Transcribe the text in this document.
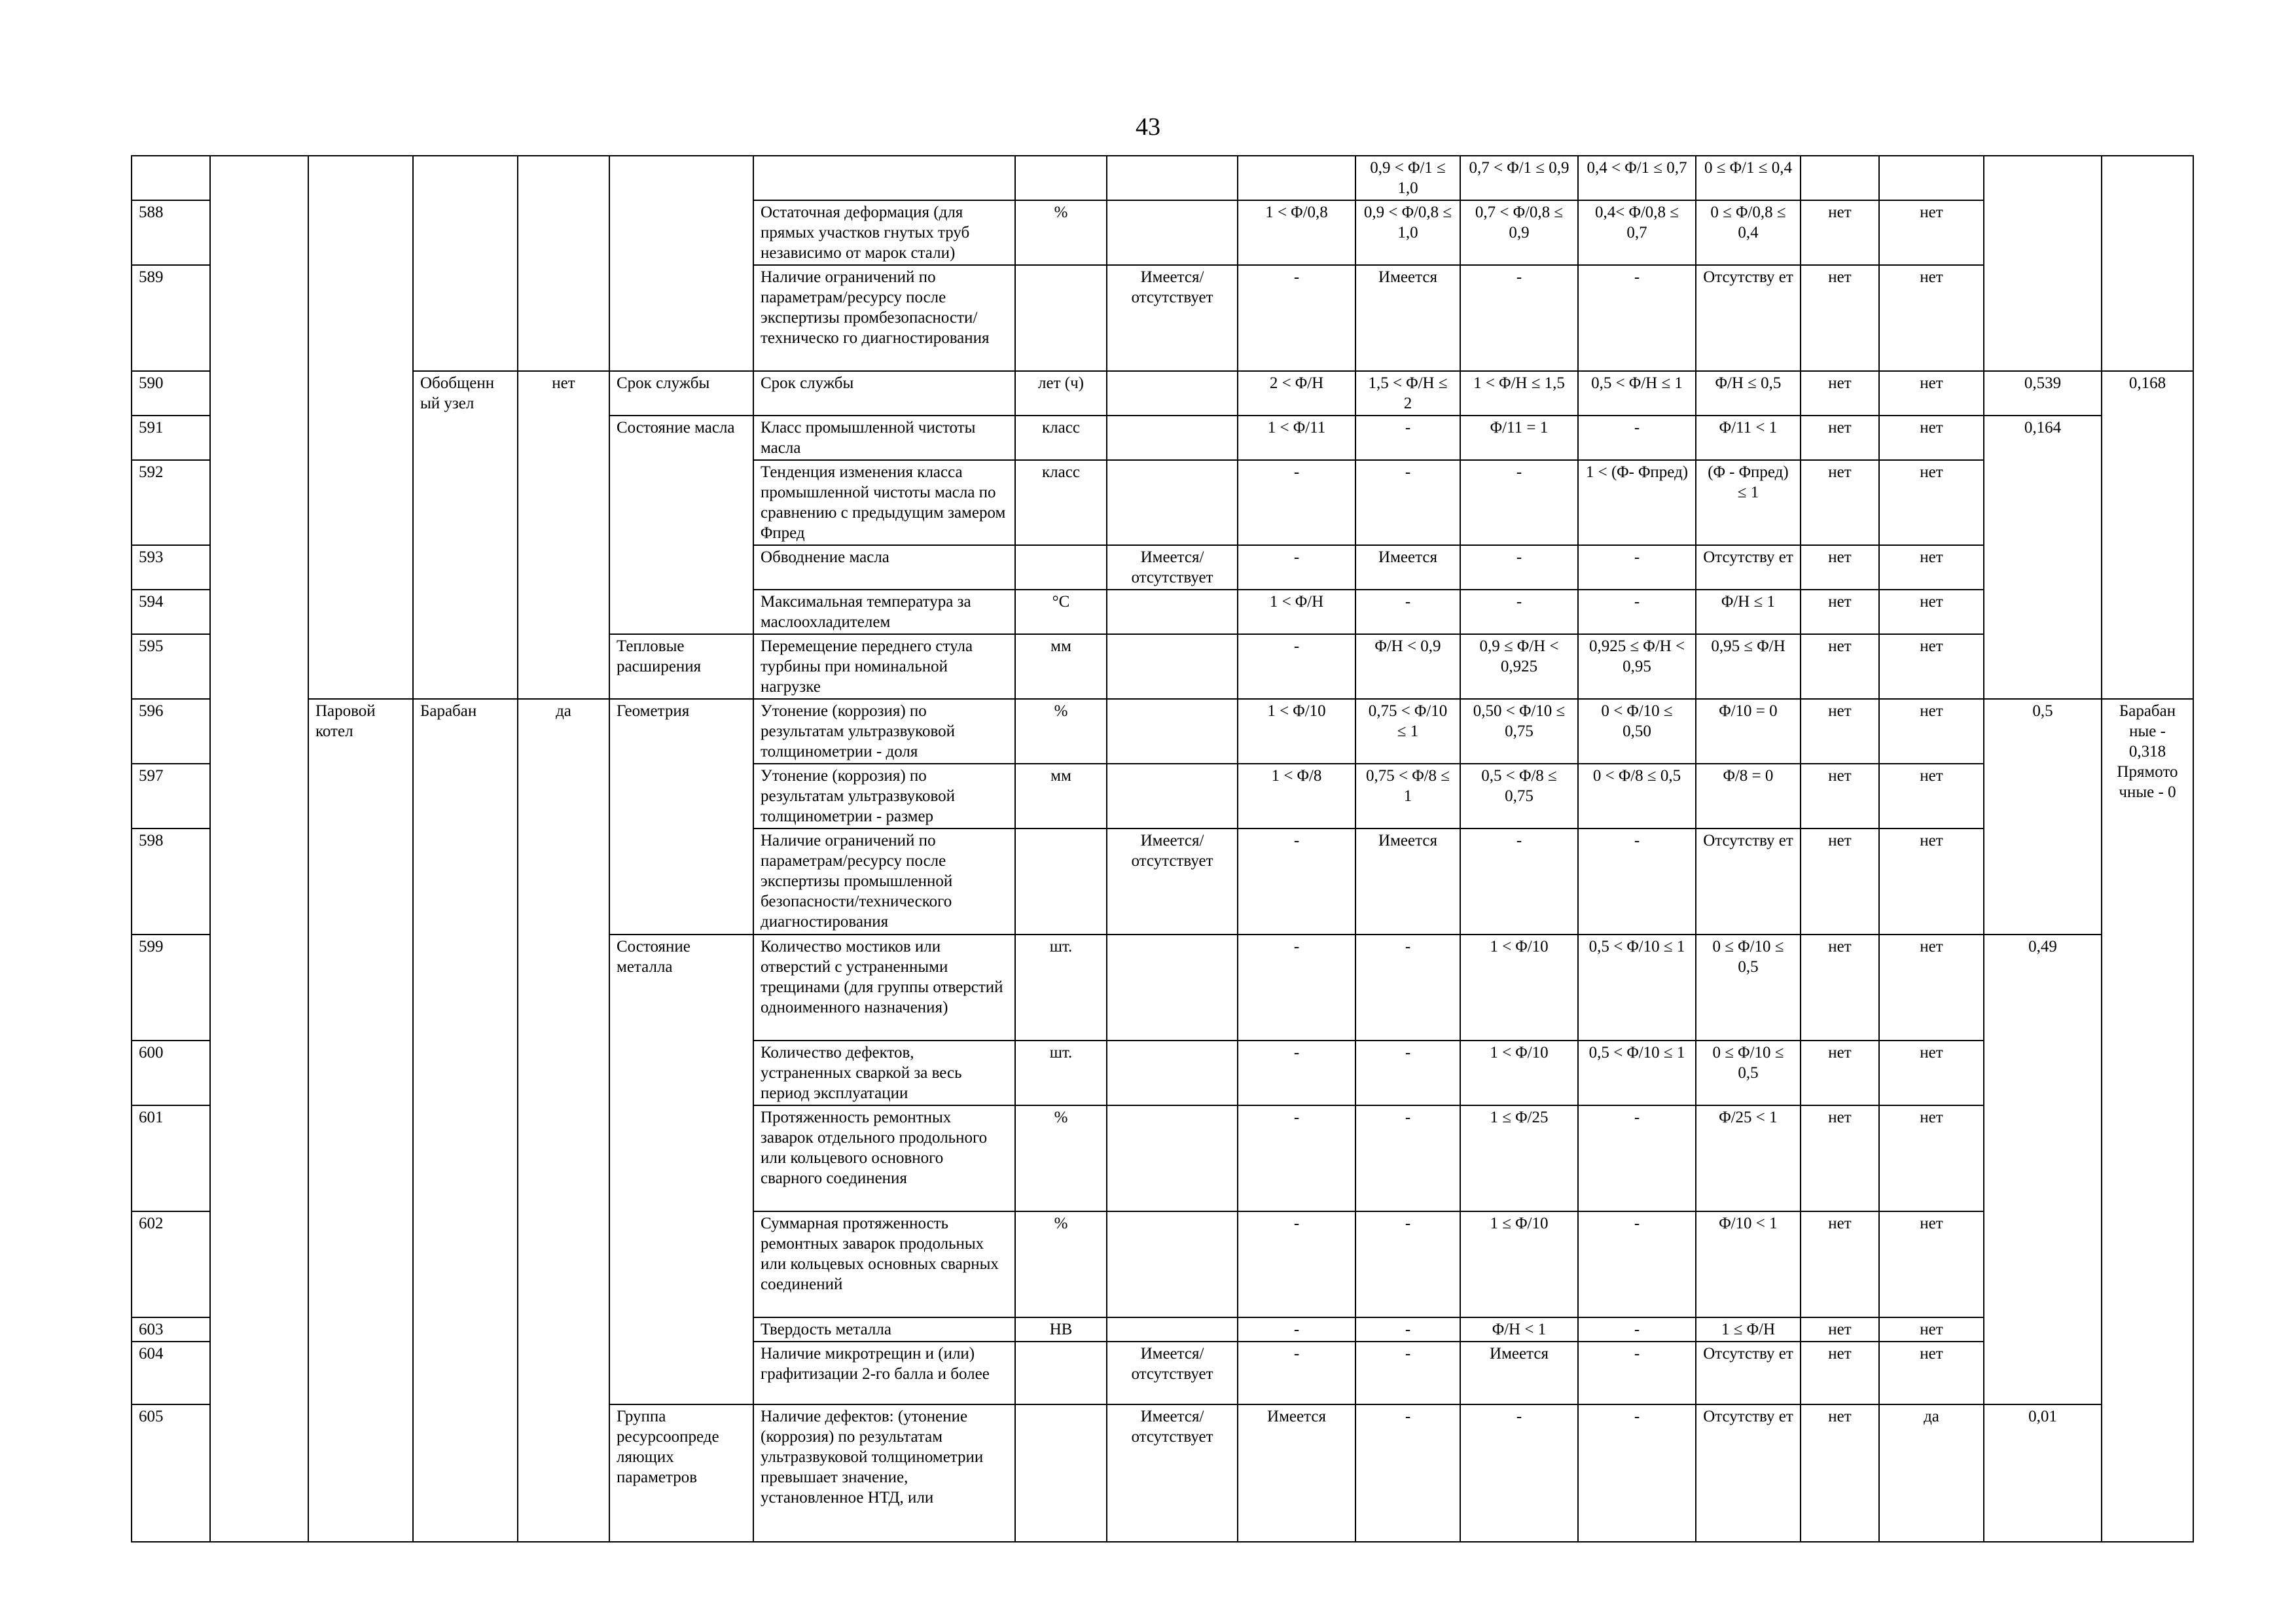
43
										0,9 < Φ/1 ≤ 1,0	0,7 < Φ/1 ≤ 0,9	0,4 < Φ/1 ≤ 0,7	0 ≤ Φ/1 ≤ 0,4				
588						Остаточная деформация (для прямых участков гнутых труб независимо от марок стали)	%		1 < Φ/0,8	0,9 < Φ/0,8 ≤ 1,0	0,7 < Φ/0,8 ≤ 0,9	0,4< Φ/0,8 ≤ 0,7	0 ≤ Φ/0,8 ≤ 0,4	нет	нет		
589						Наличие ограничений по параметрам/ресурсу после экспертизы промбезопасности/техническо го диагностирования		Имеется/ отсутствует	-	Имеется	-	-	Отсутству ет	нет	нет		
590			Обобщенн ый узел	нет	Срок службы	Срок службы	лет (ч)		2 < Φ/Н	1,5 < Φ/Н ≤ 2	1 < Φ/Н ≤ 1,5	0,5 < Φ/Н ≤ 1	Φ/Н ≤ 0,5	нет	нет	0,539	0,168
591					Состояние масла	Класс промышленной чистоты масла	класс		1 < Φ/11	-	Φ/11 = 1	-	Φ/11 < 1	нет	нет	0,164	
592						Тенденция изменения класса промышленной чистоты масла по сравнению с предыдущим замером Φпред	класс		-	-	-	1 < (Φ- Φпред)	(Φ - Φпред) ≤ 1	нет	нет		
593						Обводнение масла		Имеется/ отсутствует	-	Имеется	-	-	Отсутству ет	нет	нет		
594						Максимальная температура за маслоохладителем	°C		1 < Φ/Н	-	-	-	Φ/Н ≤ 1	нет	нет		
595					Тепловые расширения	Перемещение переднего стула турбины при номинальной нагрузке	мм		-	Φ/Н < 0,9	0,9 ≤ Φ/Н < 0,925	0,925 ≤ Φ/Н < 0,95	0,95 ≤ Φ/Н	нет	нет		
596		Паровой котел	Барабан	да	Геометрия	Утонение (коррозия) по результатам ультразвуковой толщинометрии - доля	%		1 < Φ/10	0,75 < Φ/10 ≤ 1	0,50 < Φ/10 ≤ 0,75	0 < Φ/10 ≤ 0,50	Φ/10 = 0	нет	нет	0,5	Барабан ные - 0,318 Прямото чные - 0
597						Утонение (коррозия) по результатам ультразвуковой толщинометрии - размер	мм		1 < Φ/8	0,75 < Φ/8 ≤ 1	0,5 < Φ/8 ≤ 0,75	0 < Φ/8 ≤ 0,5	Φ/8 = 0	нет	нет		
598						Наличие ограничений по параметрам/ресурсу после экспертизы промышленной безопасности/технического диагностирования		Имеется/ отсутствует	-	Имеется	-	-	Отсутству ет	нет	нет		
599					Состояние металла	Количество мостиков или отверстий с устраненными трещинами (для группы отверстий одноименного назначения)	шт.		-	-	1 < Φ/10	0,5 < Φ/10 ≤ 1	0 ≤ Φ/10 ≤ 0,5	нет	нет	0,49	
600						Количество дефектов, устраненных сваркой за весь период эксплуатации	шт.		-	-	1 < Φ/10	0,5 < Φ/10 ≤ 1	0 ≤ Φ/10 ≤ 0,5	нет	нет		
601						Протяженность ремонтных заварок отдельного продольного или кольцевого основного сварного соединения	%		-	-	1 ≤ Φ/25	-	Φ/25 < 1	нет	нет		
602						Суммарная протяженность ремонтных заварок продольных или кольцевых основных сварных соединений	%		-	-	1 ≤ Φ/10	-	Φ/10 < 1	нет	нет		
603						Твердость металла	НВ		-	-	Φ/Н < 1	-	1 ≤ Φ/Н	нет	нет		
604						Наличие микротрещин и (или) графитизации 2-го балла и более		Имеется/ отсутствует	-	-	Имеется	-	Отсутству ет	нет	нет		
605					Группа ресурсоопреде ляющих параметров	Наличие дефектов: (утонение (коррозия) по результатам ультразвуковой толщинометрии превышает значение, установленное НТД, или		Имеется/ отсутствует	Имеется	-	-	-	Отсутству ет	нет	да	0,01	
